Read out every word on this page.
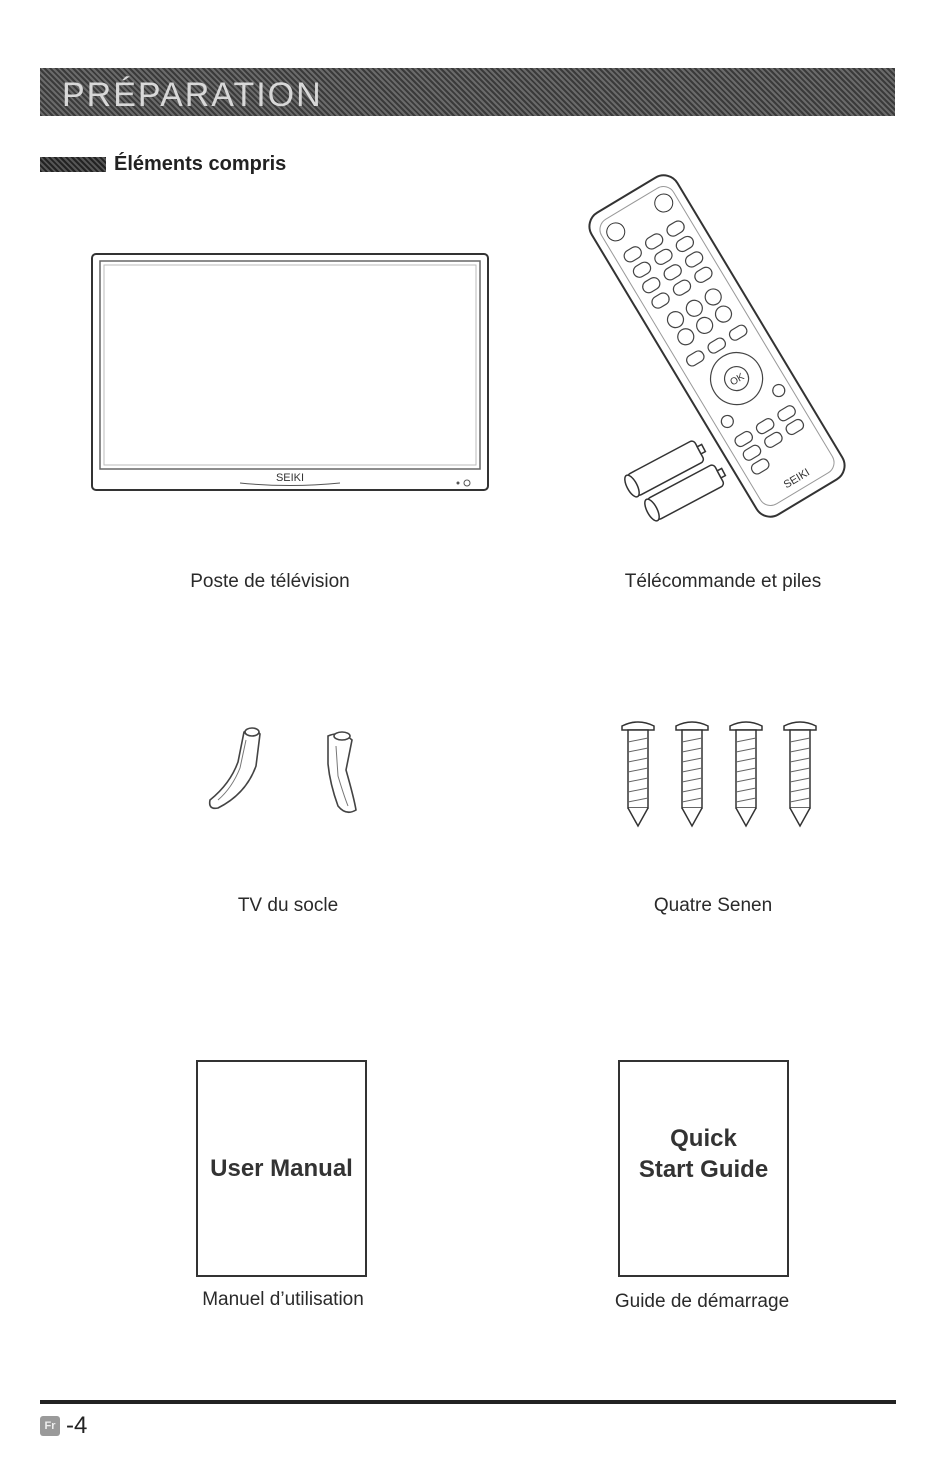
PRÉPARATION
Éléments compris
SEIKI
OK
SEIKI
Poste de télévision	Télécommande et piles
TV du socle	Quatre Senen
User Manual
Quick
Start Guide
Manuel d’utilisation	Guide de démarrage
Fr -4
